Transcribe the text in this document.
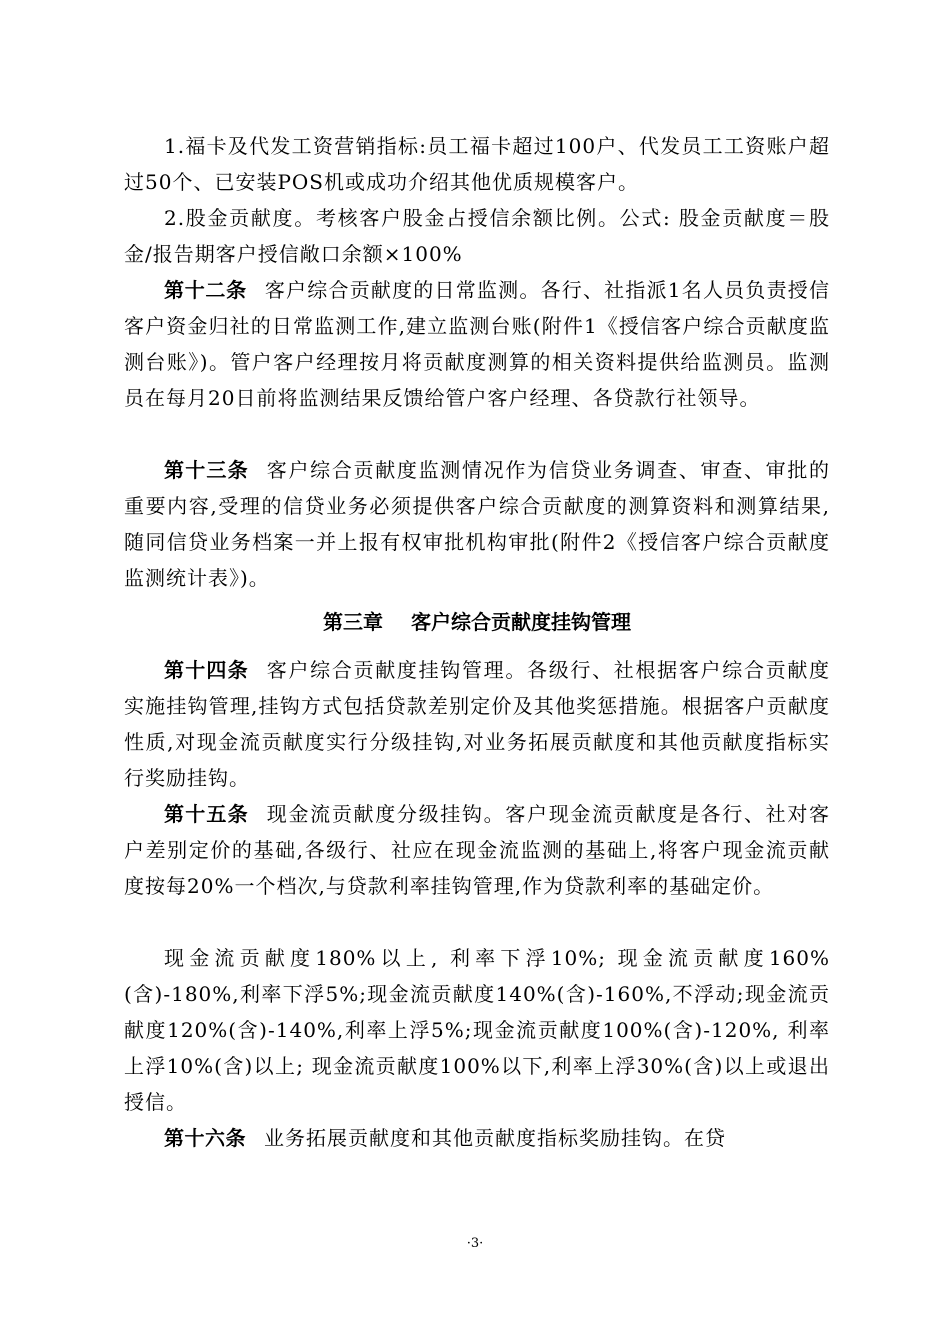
1.福卡及代发工资营销指标:员工福卡超过100户、代发员工工资账户超过50个、已安装POS机或成功介绍其他优质规模客户。

2.股金贡献度。考核客户股金占授信余额比例。公式: 股金贡献度＝股金/报告期客户授信敞口余额×100%

第十二条 客户综合贡献度的日常监测。各行、社指派1名人员负责授信客户资金归社的日常监测工作,建立监测台账(附件1《授信客户综合贡献度监测台账》)。管户客户经理按月将贡献度测算的相关资料提供给监测员。监测员在每月20日前将监测结果反馈给管户客户经理、各贷款行社领导。

第十三条 客户综合贡献度监测情况作为信贷业务调查、审查、审批的重要内容,受理的信贷业务必须提供客户综合贡献度的测算资料和测算结果,随同信贷业务档案一并上报有权审批机构审批(附件2《授信客户综合贡献度监测统计表》)。

第三章 客户综合贡献度挂钩管理

第十四条 客户综合贡献度挂钩管理。各级行、社根据客户综合贡献度实施挂钩管理,挂钩方式包括贷款差别定价及其他奖惩措施。根据客户贡献度性质,对现金流贡献度实行分级挂钩,对业务拓展贡献度和其他贡献度指标实行奖励挂钩。

第十五条 现金流贡献度分级挂钩。客户现金流贡献度是各行、社对客户差别定价的基础,各级行、社应在现金流监测的基础上,将客户现金流贡献度按每20%一个档次,与贷款利率挂钩管理,作为贷款利率的基础定价。

现金流贡献度180%以上, 利率下浮10%; 现金流贡献度160%(含)-180%,利率下浮5%;现金流贡献度140%(含)-160%,不浮动;现金流贡献度120%(含)-140%,利率上浮5%;现金流贡献度100%(含)-120%, 利率上浮10%(含)以上; 现金流贡献度100%以下,利率上浮30%(含)以上或退出授信。

第十六条 业务拓展贡献度和其他贡献度指标奖励挂钩。在贷

·3·
